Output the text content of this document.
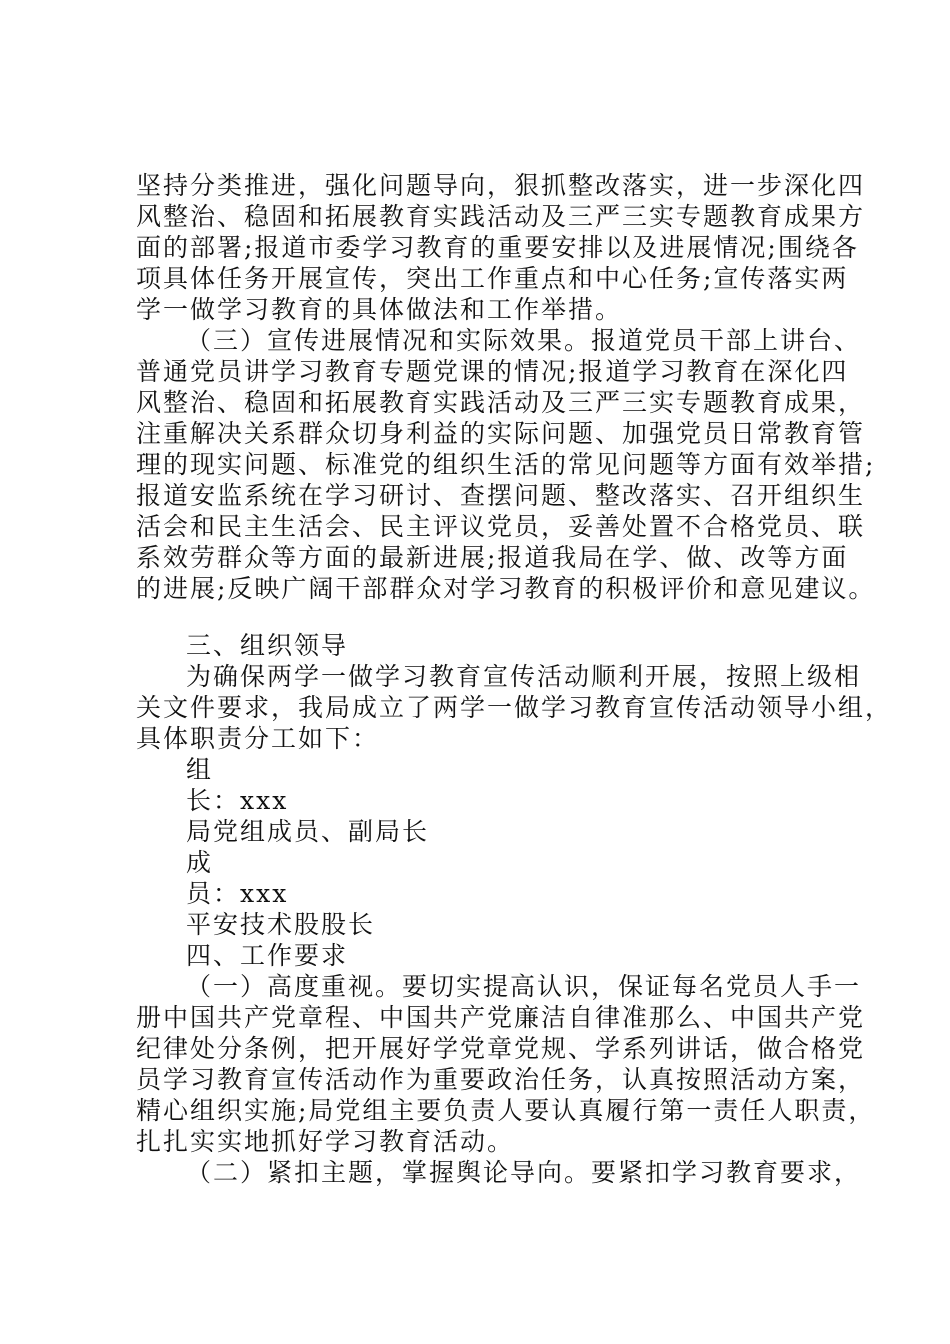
坚持分类推进，强化问题导向，狠抓整改落实，进一步深化四
风整治、稳固和拓展教育实践活动及三严三实专题教育成果方
面的部署;报道市委学习教育的重要安排以及进展情况;围绕各
项具体任务开展宣传，突出工作重点和中心任务;宣传落实两
学一做学习教育的具体做法和工作举措。
（三）宣传进展情况和实际效果。报道党员干部上讲台、
普通党员讲学习教育专题党课的情况;报道学习教育在深化四
风整治、稳固和拓展教育实践活动及三严三实专题教育成果，
注重解决关系群众切身利益的实际问题、加强党员日常教育管
理的现实问题、标准党的组织生活的常见问题等方面有效举措;
报道安监系统在学习研讨、查摆问题、整改落实、召开组织生
活会和民主生活会、民主评议党员，妥善处置不合格党员、联
系效劳群众等方面的最新进展;报道我局在学、做、改等方面
的进展;反映广阔干部群众对学习教育的积极评价和意见建议。
三、组织领导
为确保两学一做学习教育宣传活动顺利开展，按照上级相
关文件要求，我局成立了两学一做学习教育宣传活动领导小组，
具体职责分工如下：
组
长：xxx
局党组成员、副局长
成
员：xxx
平安技术股股长
四、工作要求
（一）高度重视。要切实提高认识，保证每名党员人手一
册中国共产党章程、中国共产党廉洁自律准那么、中国共产党
纪律处分条例，把开展好学党章党规、学系列讲话，做合格党
员学习教育宣传活动作为重要政治任务，认真按照活动方案，
精心组织实施;局党组主要负责人要认真履行第一责任人职责，
扎扎实实地抓好学习教育活动。
（二）紧扣主题，掌握舆论导向。要紧扣学习教育要求，
